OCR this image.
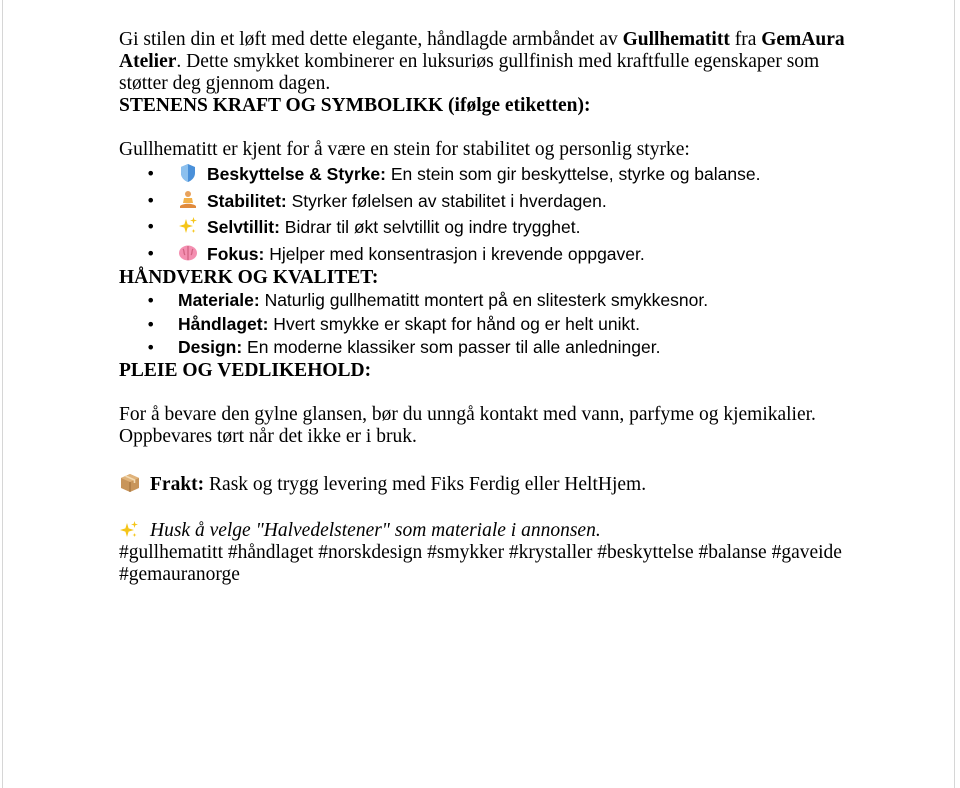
Gi stilen din et løft med dette elegante, håndlagde armbåndet av Gullhematitt fra GemAura Atelier. Dette smykket kombinerer en luksuriøs gullfinish med kraftfulle egenskaper som støtter deg gjennom dagen.

STENENS KRAFT OG SYMBOLIKK (ifølge etiketten):

Gullhematitt er kjent for å være en stein for stabilitet og personlig styrke:

•	Beskyttelse & Styrke: En stein som gir beskyttelse, styrke og balanse.
•	Stabilitet: Styrker følelsen av stabilitet i hverdagen.
•	Selvtillit: Bidrar til økt selvtillit og indre trygghet.
•	Fokus: Hjelper med konsentrasjon i krevende oppgaver.

HÅNDVERK OG KVALITET:

• Materiale: Naturlig gullhematitt montert på en slitesterk smykkesnor.
• Håndlaget: Hvert smykke er skapt for hånd og er helt unikt.
• Design: En moderne klassiker som passer til alle anledninger.

PLEIE OG VEDLIKEHOLD:

For å bevare den gylne glansen, bør du unngå kontakt med vann, parfyme og kjemikalier. Oppbevares tørt når det ikke er i bruk.

Frakt: Rask og trygg levering med Fiks Ferdig eller HeltHjem.

Husk å velge "Halvedelstener" som materiale i annonsen.

#gullhematitt #håndlaget #norskdesign #smykker #krystaller #beskyttelse #balanse #gaveide #gemauranorge
